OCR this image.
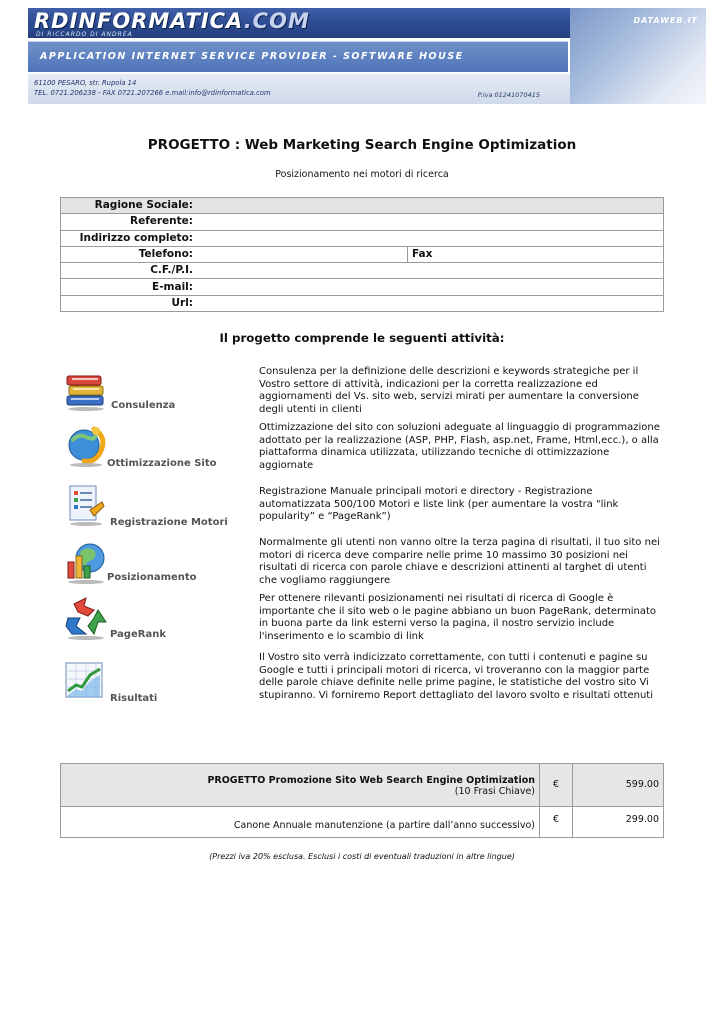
RDINFORMATICA.COM
DI RICCARDO DI ANDREA
DATAWEB.IT
APPLICATION INTERNET SERVICE PROVIDER - SOFTWARE HOUSE
61100 PESARO, str. Rupola 14
TEL. 0721.206238 - FAX 0721.207266 e.mail:info@rdinformatica.com	P.iva 01241070415
PROGETTO : Web Marketing Search Engine Optimization
Posizionamento nei motori di ricerca
Ragione Sociale:		
Referente:		
Indirizzo completo:		
Telefono:		Fax
C.F./P.I.		
E-mail:		
Url:		
Il progetto comprende le seguenti attività:
Consulenza
Consulenza per la definizione delle descrizioni e keywords strategiche per il Vostro settore di attività, indicazioni per la corretta realizzazione ed aggiornamenti del Vs. sito web, servizi mirati per aumentare la conversione degli utenti in clienti
Ottimizzazione Sito
Ottimizzazione del sito con soluzioni adeguate al linguaggio di programmazione adottato per la realizzazione (ASP, PHP, Flash, asp.net, Frame, Html,ecc.), o alla piattaforma dinamica utilizzata, utilizzando tecniche di ottimizzazione aggiornate
Registrazione Motori
Registrazione Manuale principali motori e directory - Registrazione automatizzata 500/100 Motori e liste link (per aumentare la vostra "link popularity” e “PageRank”)
Posizionamento
Normalmente gli utenti non vanno oltre la terza pagina di risultati, il tuo sito nei motori di ricerca deve comparire nelle prime 10 massimo 30 posizioni nei risultati di ricerca con parole chiave e descrizioni attinenti al targhet di utenti che vogliamo raggiungere
PageRank
Per ottenere rilevanti posizionamenti nei risultati di ricerca di Google è importante che il sito web o le pagine abbiano un buon PageRank, determinato in buona parte da link esterni verso la pagina, il nostro servizio include l'inserimento e lo scambio di link
Risultati
Il Vostro sito verrà indicizzato correttamente, con tutti i contenuti e pagine su Google e tutti i principali motori di ricerca, vi troveranno con la maggior parte delle parole chiave definite nelle prime pagine, le statistiche del vostro sito Vi stupiranno. Vi forniremo Report dettagliato del lavoro svolto e risultati ottenuti
PROGETTO Promozione Sito Web Search Engine Optimization
(10 Frasi Chiave)	€	599.00

Canone Annuale manutenzione (a partire dall’anno successivo)	€	299.00
(Prezzi iva 20% esclusa. Esclusi i costi di eventuali traduzioni in altre lingue)
